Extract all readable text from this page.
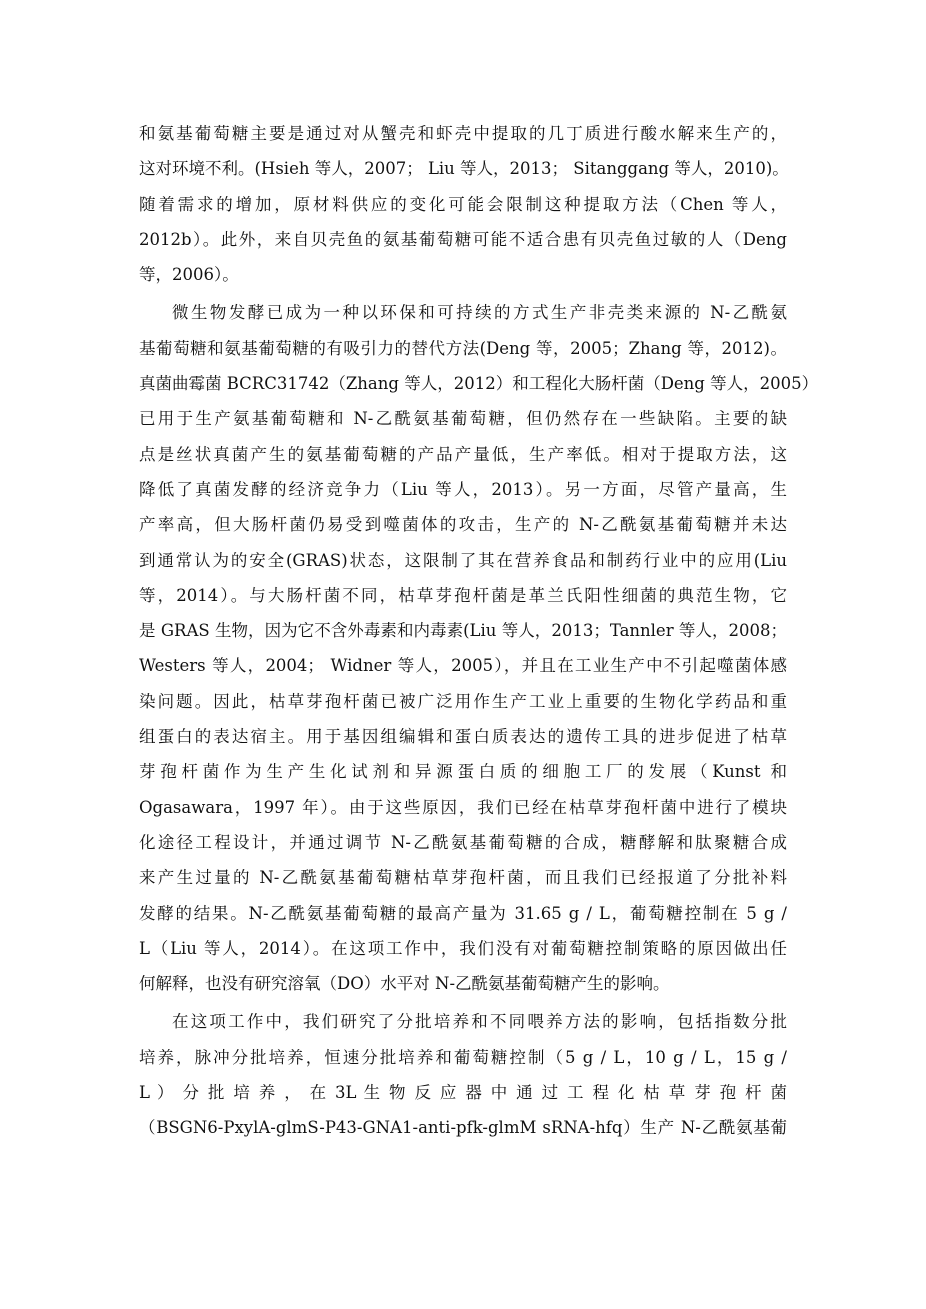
和氨基葡萄糖主要是通过对从蟹壳和虾壳中提取的几丁质进行酸水解来生产的，
这对环境不利。(Hsieh 等人，2007； Liu 等人，2013； Sitanggang 等人，2010)。
随着需求的增加，原材料供应的变化可能会限制这种提取方法（Chen 等人，
2012b）。此外，来自贝壳鱼的氨基葡萄糖可能不适合患有贝壳鱼过敏的人（Deng
等，2006）。

微生物发酵已成为一种以环保和可持续的方式生产非壳类来源的 N-乙酰氨
基葡萄糖和氨基葡萄糖的有吸引力的替代方法(Deng 等，2005；Zhang 等，2012)。
真菌曲霉菌 BCRC31742（Zhang 等人，2012）和工程化大肠杆菌（Deng 等人，2005）
已用于生产氨基葡萄糖和 N-乙酰氨基葡萄糖，但仍然存在一些缺陷。主要的缺
点是丝状真菌产生的氨基葡萄糖的产品产量低，生产率低。相对于提取方法，这
降低了真菌发酵的经济竞争力（Liu 等人，2013）。另一方面，尽管产量高，生
产率高，但大肠杆菌仍易受到噬菌体的攻击，生产的 N-乙酰氨基葡萄糖并未达
到通常认为的安全(GRAS)状态，这限制了其在营养食品和制药行业中的应用(Liu
等，2014）。与大肠杆菌不同，枯草芽孢杆菌是革兰氏阳性细菌的典范生物，它
是 GRAS 生物，因为它不含外毒素和内毒素(Liu 等人，2013；Tannler 等人，2008；
Westers 等人，2004； Widner 等人，2005），并且在工业生产中不引起噬菌体感
染问题。因此，枯草芽孢杆菌已被广泛用作生产工业上重要的生物化学药品和重
组蛋白的表达宿主。用于基因组编辑和蛋白质表达的遗传工具的进步促进了枯草
芽孢杆菌作为生产生化试剂和异源蛋白质的细胞工厂的发展（Kunst 和
Ogasawara，1997 年）。由于这些原因，我们已经在枯草芽孢杆菌中进行了模块
化途径工程设计，并通过调节 N-乙酰氨基葡萄糖的合成，糖酵解和肽聚糖合成
来产生过量的 N-乙酰氨基葡萄糖枯草芽孢杆菌，而且我们已经报道了分批补料
发酵的结果。N-乙酰氨基葡萄糖的最高产量为 31.65 g / L，葡萄糖控制在 5 g /
L（Liu 等人，2014）。在这项工作中，我们没有对葡萄糖控制策略的原因做出任
何解释，也没有研究溶氧（DO）水平对 N-乙酰氨基葡萄糖产生的影响。

在这项工作中，我们研究了分批培养和不同喂养方法的影响，包括指数分批
培养，脉冲分批培养，恒速分批培养和葡萄糖控制（5 g / L，10 g / L，15 g /
L ） 分 批 培 养 ， 在 3L 生 物 反 应 器 中 通 过 工 程 化 枯 草 芽 孢 杆 菌
（BSGN6-PxylA-glmS-P43-GNA1-anti-pfk-glmM sRNA-hfq）生产 N-乙酰氨基葡
